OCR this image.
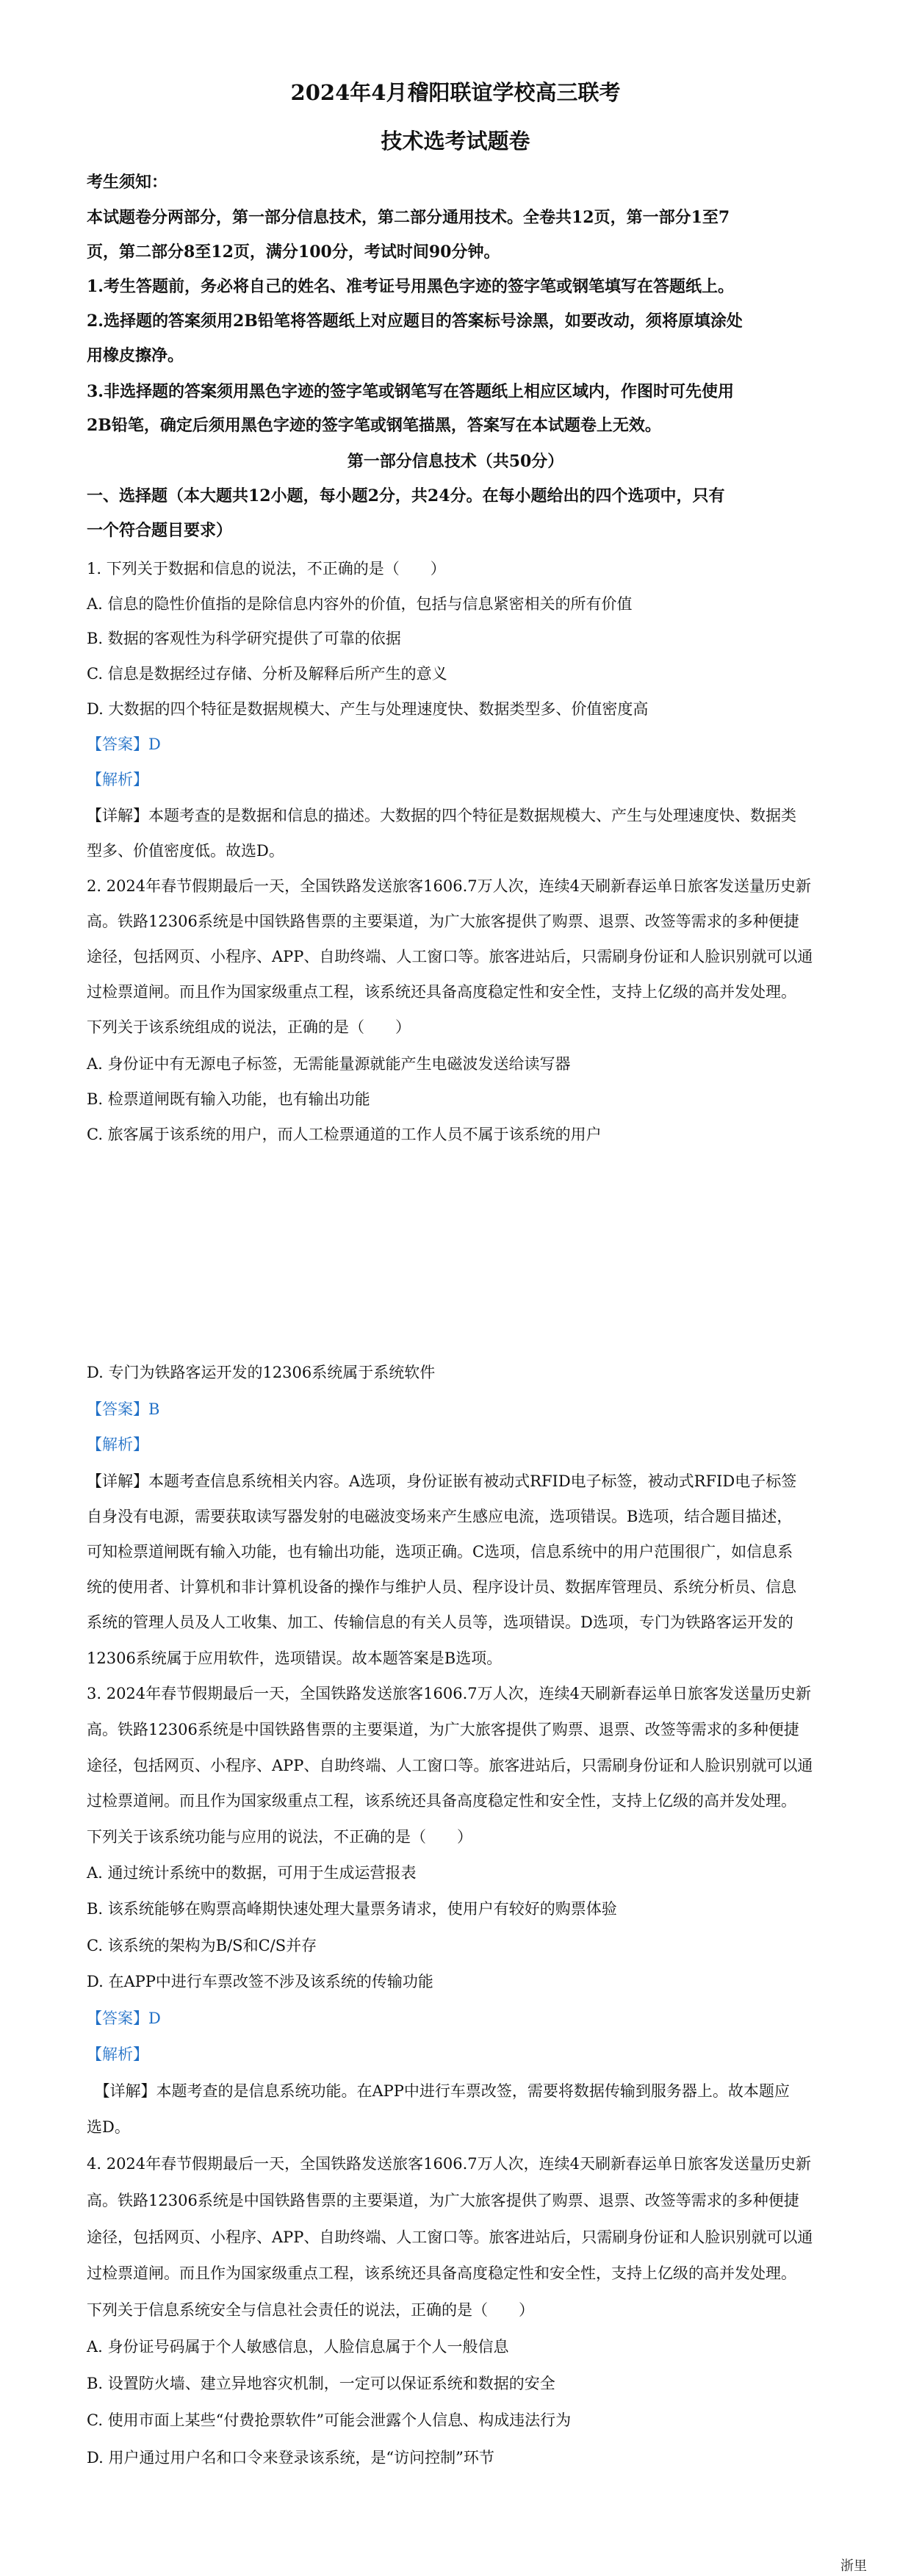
2024年4月稽阳联谊学校高三联考
技术选考试题卷
考生须知：
本试题卷分两部分，第一部分信息技术，第二部分通用技术。全卷共12页，第一部分1至7
页，第二部分8至12页，满分100分，考试时间90分钟。
1.考生答题前，务必将自己的姓名、准考证号用黑色字迹的签字笔或钢笔填写在答题纸上。
2.选择题的答案须用2B铅笔将答题纸上对应题目的答案标号涂黑，如要改动，须将原填涂处
用橡皮擦净。
3.非选择题的答案须用黑色字迹的签字笔或钢笔写在答题纸上相应区域内，作图时可先使用
2B铅笔，确定后须用黑色字迹的签字笔或钢笔描黑，答案写在本试题卷上无效。
第一部分信息技术（共50分）
一、选择题（本大题共12小题，每小题2分，共24分。在每小题给出的四个选项中，只有
一个符合题目要求）
1. 下列关于数据和信息的说法，不正确的是（　　）
A. 信息的隐性价值指的是除信息内容外的价值，包括与信息紧密相关的所有价值
B. 数据的客观性为科学研究提供了可靠的依据
C. 信息是数据经过存储、分析及解释后所产生的意义
D. 大数据的四个特征是数据规模大、产生与处理速度快、数据类型多、价值密度高
【答案】D
【解析】
【详解】本题考查的是数据和信息的描述。大数据的四个特征是数据规模大、产生与处理速度快、数据类
型多、价值密度低。故选D。
2. 2024年春节假期最后一天，全国铁路发送旅客1606.7万人次，连续4天刷新春运单日旅客发送量历史新
高。铁路12306系统是中国铁路售票的主要渠道，为广大旅客提供了购票、退票、改签等需求的多种便捷
途径，包括网页、小程序、APP、自助终端、人工窗口等。旅客进站后，只需刷身份证和人脸识别就可以通
过检票道闸。而且作为国家级重点工程，该系统还具备高度稳定性和安全性，支持上亿级的高并发处理。
下列关于该系统组成的说法，正确的是（　　）
A. 身份证中有无源电子标签，无需能量源就能产生电磁波发送给读写器
B. 检票道闸既有输入功能，也有输出功能
C. 旅客属于该系统的用户，而人工检票通道的工作人员不属于该系统的用户
D. 专门为铁路客运开发的12306系统属于系统软件
【答案】B
【解析】
【详解】本题考查信息系统相关内容。A选项，身份证嵌有被动式RFID电子标签，被动式RFID电子标签
自身没有电源，需要获取读写器发射的电磁波变场来产生感应电流，选项错误。B选项，结合题目描述，
可知检票道闸既有输入功能，也有输出功能，选项正确。C选项，信息系统中的用户范围很广，如信息系
统的使用者、计算机和非计算机设备的操作与维护人员、程序设计员、数据库管理员、系统分析员、信息
系统的管理人员及人工收集、加工、传输信息的有关人员等，选项错误。D选项，专门为铁路客运开发的
12306系统属于应用软件，选项错误。故本题答案是B选项。
3. 2024年春节假期最后一天，全国铁路发送旅客1606.7万人次，连续4天刷新春运单日旅客发送量历史新
高。铁路12306系统是中国铁路售票的主要渠道，为广大旅客提供了购票、退票、改签等需求的多种便捷
途径，包括网页、小程序、APP、自助终端、人工窗口等。旅客进站后，只需刷身份证和人脸识别就可以通
过检票道闸。而且作为国家级重点工程，该系统还具备高度稳定性和安全性，支持上亿级的高并发处理。
下列关于该系统功能与应用的说法，不正确的是（　　）
A. 通过统计系统中的数据，可用于生成运营报表
B. 该系统能够在购票高峰期快速处理大量票务请求，使用户有较好的购票体验
C. 该系统的架构为B/S和C/S并存
D. 在APP中进行车票改签不涉及该系统的传输功能
【答案】D
【解析】
　【详解】本题考查的是信息系统功能。在APP中进行车票改签，需要将数据传输到服务器上。故本题应
选D。
4. 2024年春节假期最后一天，全国铁路发送旅客1606.7万人次，连续4天刷新春运单日旅客发送量历史新
高。铁路12306系统是中国铁路售票的主要渠道，为广大旅客提供了购票、退票、改签等需求的多种便捷
途径，包括网页、小程序、APP、自助终端、人工窗口等。旅客进站后，只需刷身份证和人脸识别就可以通
过检票道闸。而且作为国家级重点工程，该系统还具备高度稳定性和安全性，支持上亿级的高并发处理。
下列关于信息系统安全与信息社会责任的说法，正确的是（　　）
A. 身份证号码属于个人敏感信息，人脸信息属于个人一般信息
B. 设置防火墙、建立异地容灾机制，一定可以保证系统和数据的安全
C. 使用市面上某些“付费抢票软件”可能会泄露个人信息、构成违法行为
D. 用户通过用户名和口令来登录该系统，是“访问控制”环节
浙里
